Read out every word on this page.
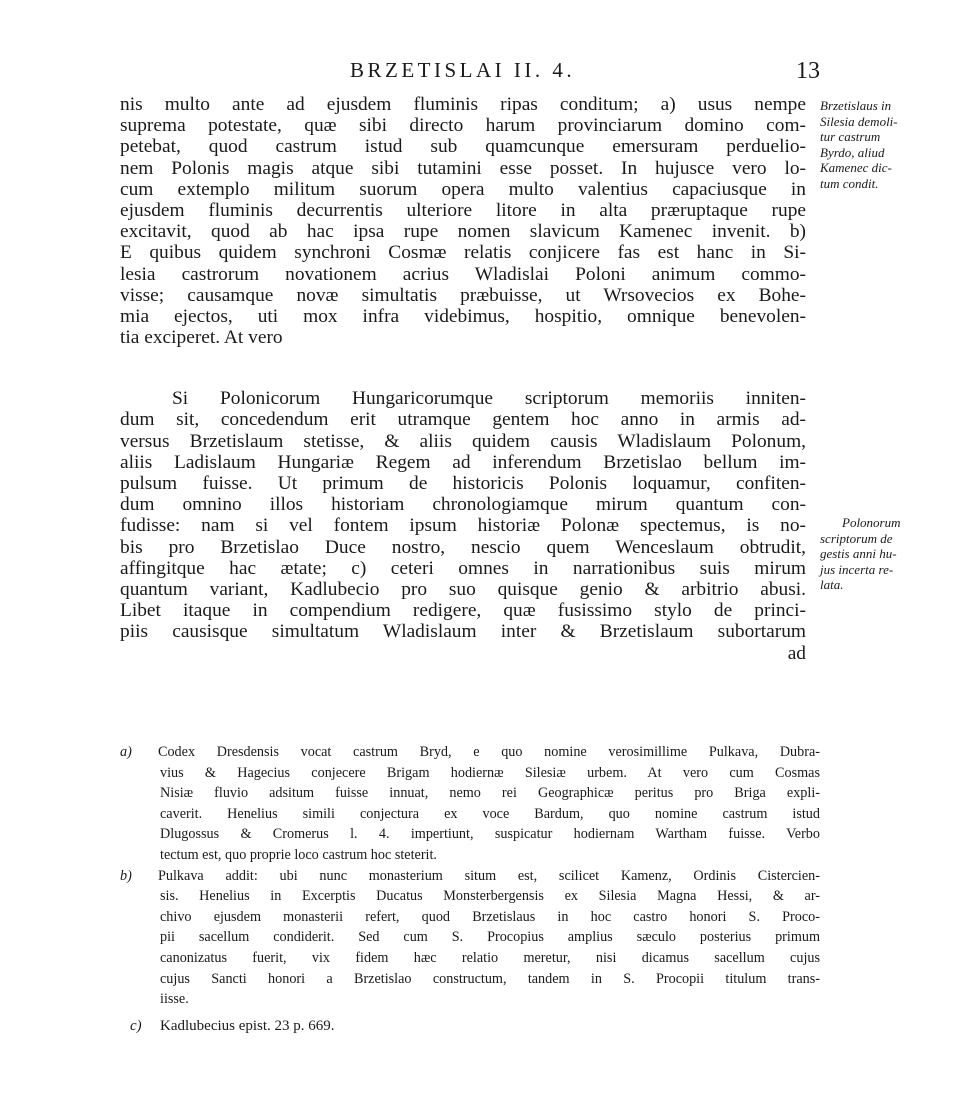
BRZETISLAI II. 4.	13
nis multo ante ad ejusdem fluminis ripas conditum; a) usus nempe
suprema potestate, quæ sibi directo harum provinciarum domino com-
petebat, quod castrum istud sub quamcunque emersuram perduelio-
nem Polonis magis atque sibi tutamini esse posset. In hujusce vero lo-
cum extemplo militum suorum opera multo valentius capaciusque in
ejusdem fluminis decurrentis ulteriore litore in alta præruptaque rupe
excitavit, quod ab hac ipsa rupe nomen slavicum Kamenec invenit. b)
E quibus quidem synchroni Cosmæ relatis conjicere fas est hanc in Si-
lesia castrorum novationem acrius Wladislai Poloni animum commo-
visse; causamque novæ simultatis præbuisse, ut Wrsovecios ex Bohe-
mia ejectos, uti mox infra videbimus, hospitio, omnique benevolen-
tia exciperet. At vero
Si Polonicorum Hungaricorumque scriptorum memoriis inniten-
dum sit, concedendum erit utramque gentem hoc anno in armis ad-
versus Brzetislaum stetisse, & aliis quidem causis Wladislaum Polonum,
aliis Ladislaum Hungariæ Regem ad inferendum Brzetislao bellum im-
pulsum fuisse. Ut primum de historicis Polonis loquamur, confiten-
dum omnino illos historiam chronologiamque mirum quantum con-
fudisse: nam si vel fontem ipsum historiæ Polonæ spectemus, is no-
bis pro Brzetislao Duce nostro, nescio quem Wenceslaum obtrudit,
affingitque hac ætate; c) ceteri omnes in narrationibus suis mirum
quantum variant, Kadlubecio pro suo quisque genio & arbitrio abusi.
Libet itaque in compendium redigere, quæ fusissimo stylo de princi-
piis causisque simultatum Wladislaum inter & Brzetislaum subortarum
ad
Brzetislaus in
Silesia demoli-
tur castrum
Byrdo, aliud
Kamenec dic-
tum condit.
Polonorum
scriptorum de
gestis anni hu-
jus incerta re-
lata.
a) Codex Dresdensis vocat castrum Bryd, e quo nomine verosimillime Pulkava, Dubra-
vius & Hagecius conjecere Brigam hodiernæ Silesiæ urbem. At vero cum Cosmas
Nisiæ fluvio adsitum fuisse innuat, nemo rei Geographicæ peritus pro Briga expli-
caverit. Henelius simili conjectura ex voce Bardum, quo nomine castrum istud
Dlugossus & Cromerus l. 4. impertiunt, suspicatur hodiernam Wartham fuisse. Verbo
tectum est, quo proprie loco castrum hoc steterit.
b) Pulkava addit: ubi nunc monasterium situm est, scilicet Kamenz, Ordinis Cistercien-
sis. Henelius in Excerptis Ducatus Monsterbergensis ex Silesia Magna Hessi, & ar-
chivo ejusdem monasterii refert, quod Brzetislaus in hoc castro honori S. Proco-
pii sacellum condiderit. Sed cum S. Procopius amplius sæculo posterius primum
canonizatus fuerit, vix fidem hæc relatio meretur, nisi dicamus sacellum cujus
cujus Sancti honori a Brzetislao constructum, tandem in S. Procopii titulum trans-
iisse.
c) Kadlubecius epist. 23 p. 669.
